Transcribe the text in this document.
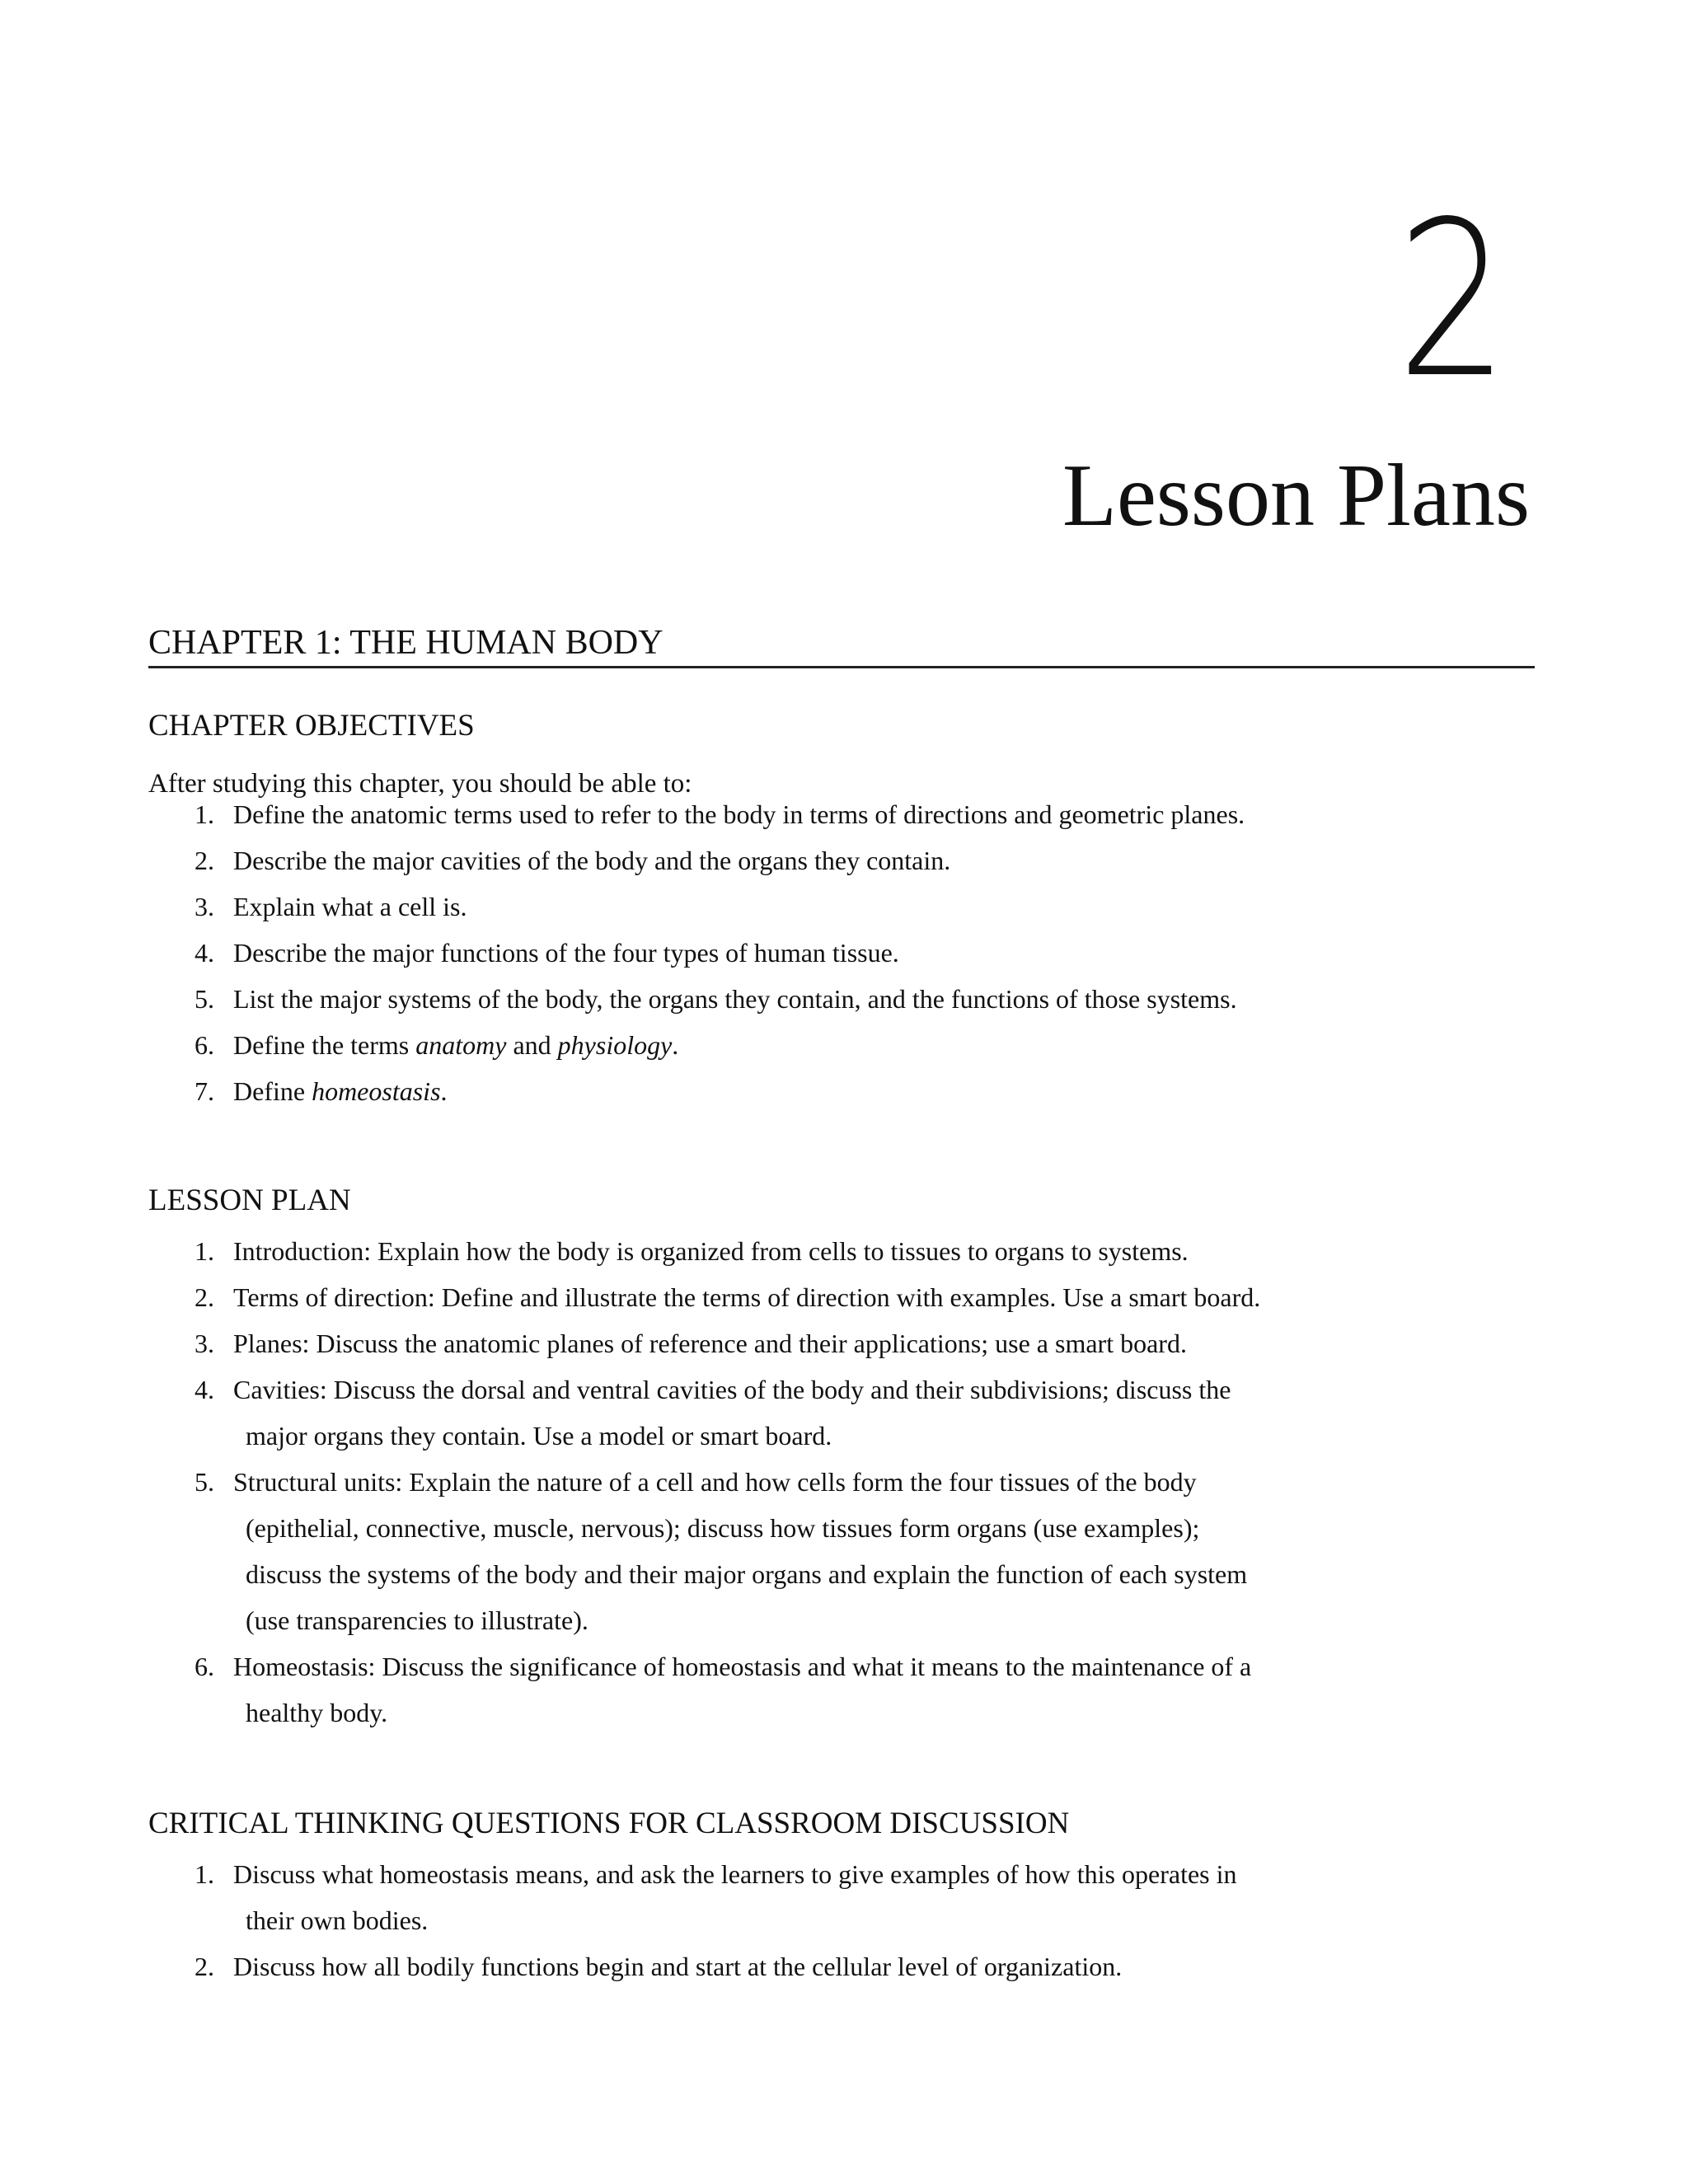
2
Lesson Plans
CHAPTER 1: THE HUMAN BODY
CHAPTER OBJECTIVES

After studying this chapter, you should be able to:

1. Define the anatomic terms used to refer to the body in terms of directions and geometric planes.
2. Describe the major cavities of the body and the organs they contain.
3. Explain what a cell is.
4. Describe the major functions of the four types of human tissue.
5. List the major systems of the body, the organs they contain, and the functions of those systems.
6. Define the terms anatomy and physiology.
7. Define homeostasis.
LESSON PLAN
1. Introduction: Explain how the body is organized from cells to tissues to organs to systems.
2. Terms of direction: Define and illustrate the terms of direction with examples. Use a smart board.
3. Planes: Discuss the anatomic planes of reference and their applications; use a smart board.
4. Cavities: Discuss the dorsal and ventral cavities of the body and their subdivisions; discuss the
major organs they contain. Use a model or smart board.
5. Structural units: Explain the nature of a cell and how cells form the four tissues of the body
(epithelial, connective, muscle, nervous); discuss how tissues form organs (use examples);
discuss the systems of the body and their major organs and explain the function of each system
(use transparencies to illustrate).
6. Homeostasis: Discuss the significance of homeostasis and what it means to the maintenance of a
healthy body.
CRITICAL THINKING QUESTIONS FOR CLASSROOM DISCUSSION
1. Discuss what homeostasis means, and ask the learners to give examples of how this operates in
their own bodies.
2. Discuss how all bodily functions begin and start at the cellular level of organization.
